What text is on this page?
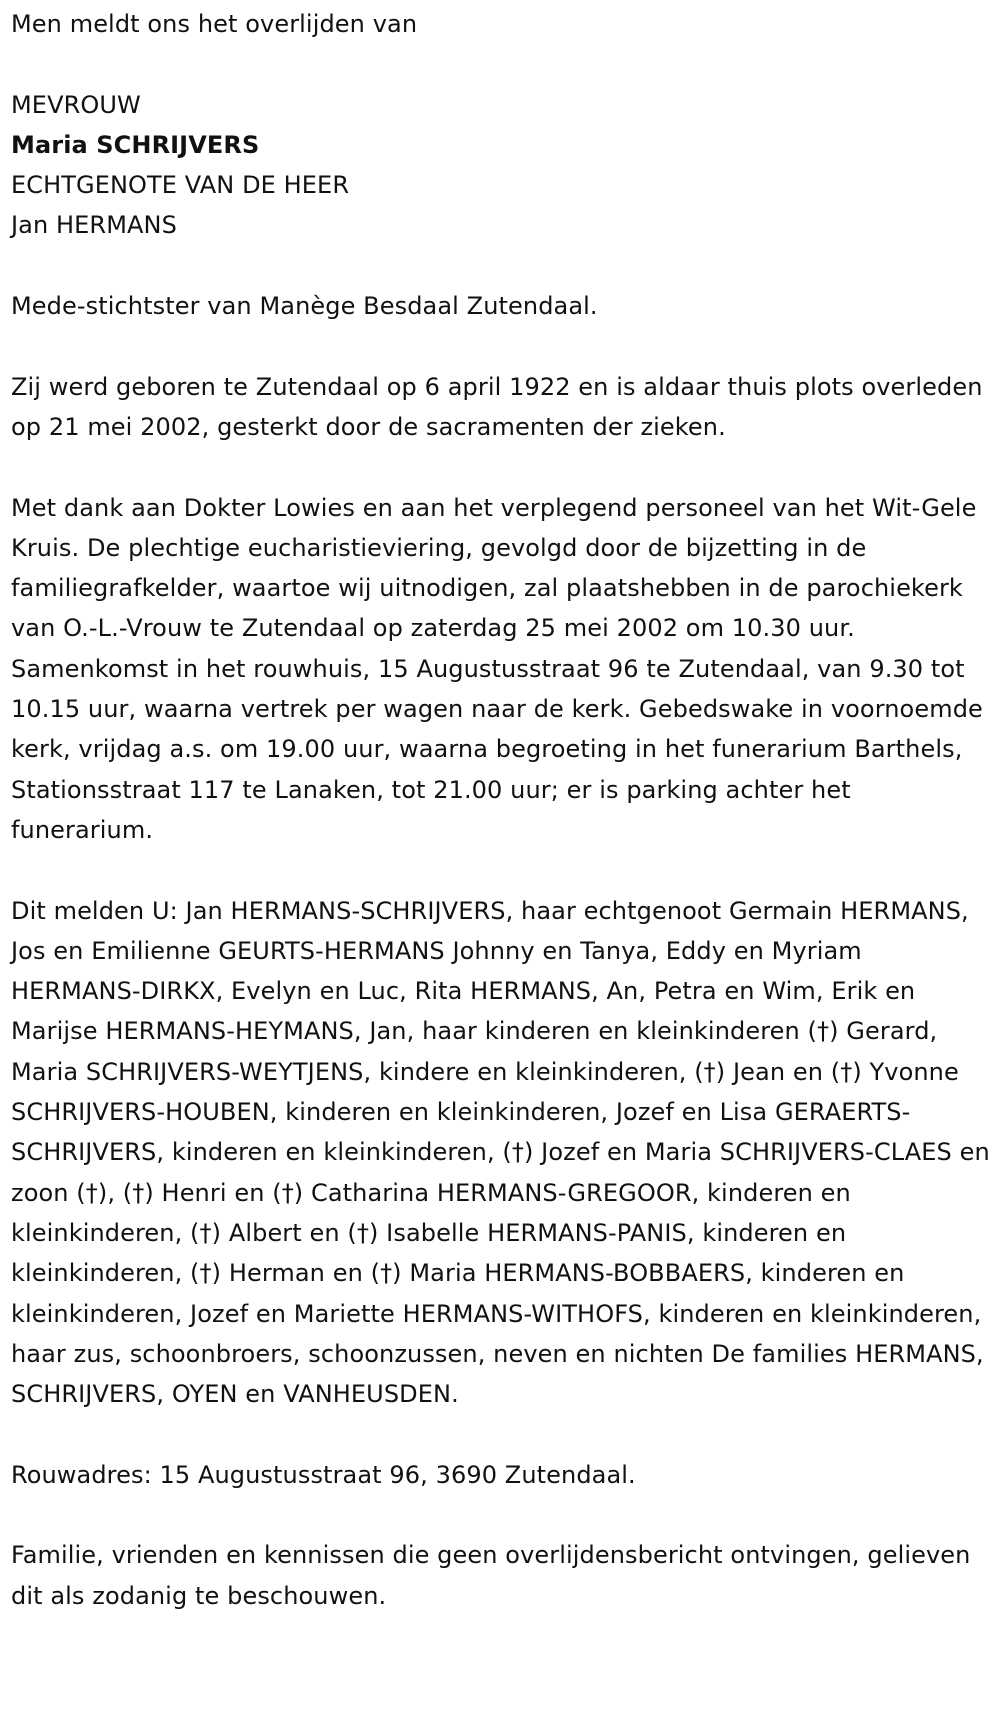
Men meldt ons het overlijden van

MEVROUW

Maria SCHRIJVERS

ECHTGENOTE VAN DE HEER

Jan HERMANS

Mede-stichtster van Manège Besdaal Zutendaal.

Zij werd geboren te Zutendaal op 6 april 1922 en is aldaar thuis plots overleden op 21 mei 2002, gesterkt door de sacramenten der zieken.

Met dank aan Dokter Lowies en aan het verplegend personeel van het Wit-Gele Kruis. De plechtige eucharistieviering, gevolgd door de bijzetting in de familiegrafkelder, waartoe wij uitnodigen, zal plaatshebben in de parochiekerk van O.-L.-Vrouw te Zutendaal op zaterdag 25 mei 2002 om 10.30 uur. Samenkomst in het rouwhuis, 15 Augustusstraat 96 te Zutendaal, van 9.30 tot 10.15 uur, waarna vertrek per wagen naar de kerk. Gebedswake in voornoemde kerk, vrijdag a.s. om 19.00 uur, waarna begroeting in het funerarium Barthels, Stationsstraat 117 te Lanaken, tot 21.00 uur; er is parking achter het funerarium.

Dit melden U: Jan HERMANS-SCHRIJVERS, haar echtgenoot Germain HERMANS, Jos en Emilienne GEURTS-HERMANS Johnny en Tanya, Eddy en Myriam HERMANS-DIRKX, Evelyn en Luc, Rita HERMANS, An, Petra en Wim, Erik en Marijse HERMANS-HEYMANS, Jan, haar kinderen en kleinkinderen (†) Gerard, Maria SCHRIJVERS-WEYTJENS, kindere en kleinkinderen, (†) Jean en (†) Yvonne SCHRIJVERS-HOUBEN, kinderen en kleinkinderen, Jozef en Lisa GERAERTS-SCHRIJVERS, kinderen en kleinkinderen, (†) Jozef en Maria SCHRIJVERS-CLAES en zoon (†), (†) Henri en (†) Catharina HERMANS-GREGOOR, kinderen en kleinkinderen, (†) Albert en (†) Isabelle HERMANS-PANIS, kinderen en kleinkinderen, (†) Herman en (†) Maria HERMANS-BOBBAERS, kinderen en kleinkinderen, Jozef en Mariette HERMANS-WITHOFS, kinderen en kleinkinderen, haar zus, schoonbroers, schoonzussen, neven en nichten De families HERMANS, SCHRIJVERS, OYEN en VANHEUSDEN.

Rouwadres: 15 Augustusstraat 96, 3690 Zutendaal.

Familie, vrienden en kennissen die geen overlijdensbericht ontvingen, gelieven dit als zodanig te beschouwen.
